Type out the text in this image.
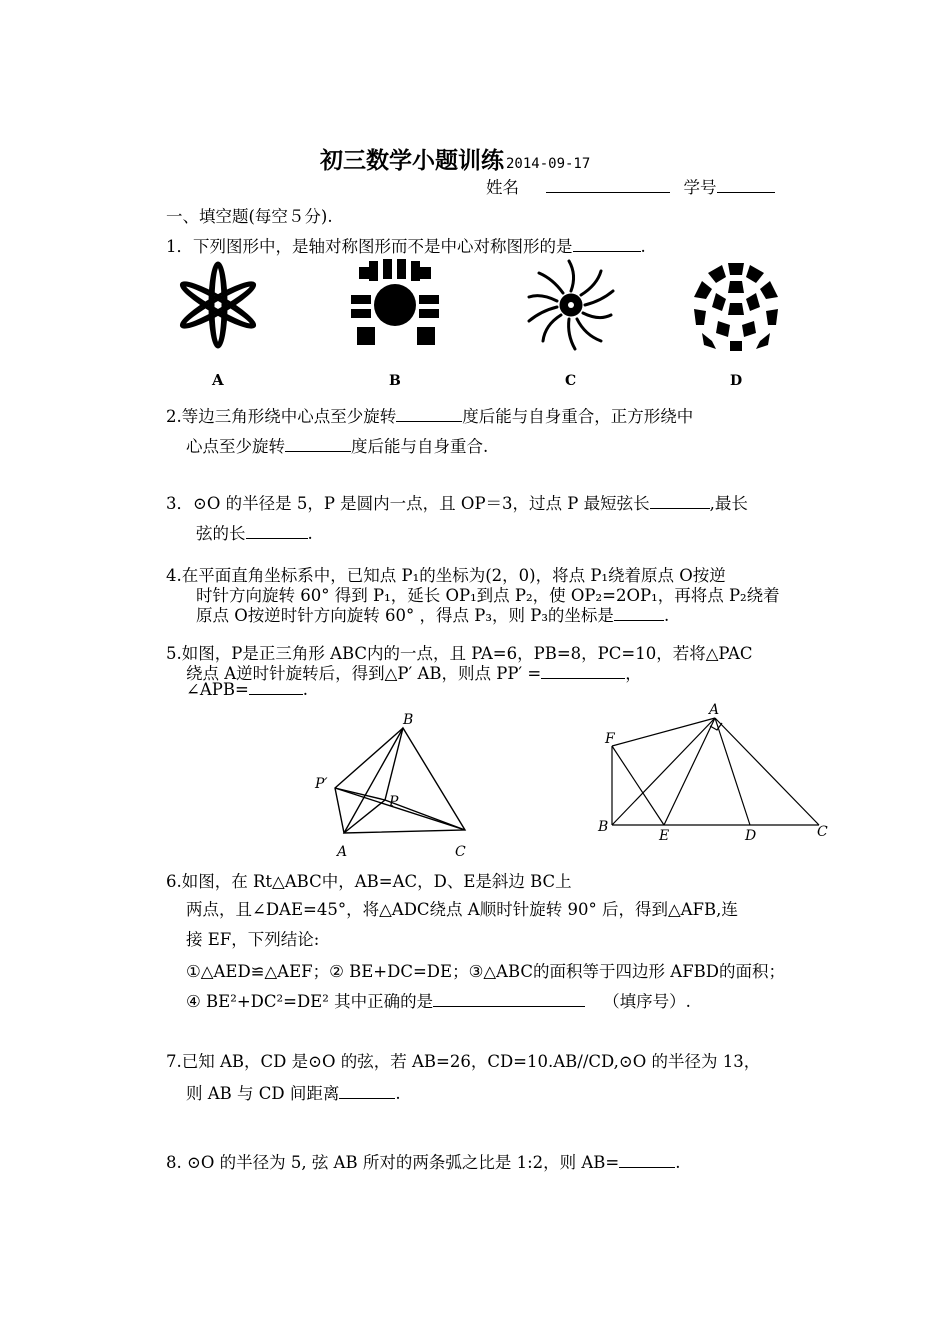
初三数学小题训练 2014-09-17
姓名	学号
一、填空题(每空５分).
1．下列图形中，是轴对称图形而不是中心对称图形的是	.
A	B	C	D
2.等边三角形绕中心点至少旋转	度后能与自身重合，正方形绕中
心点至少旋转	度后能与自身重合.
3．⊙O 的半径是 5，P 是圆内一点，且 OP＝3，过点 P 最短弦长	,最长
弦的长	.
4.在平面直角坐标系中，已知点 P₁的坐标为(2，0)，将点 P₁绕着原点 O按逆
时针方向旋转 60° 得到 P₁，延长 OP₁到点 P₂，使 OP₂=2OP₁，再将点 P₂绕着
原点 O按逆时针方向旋转 60° ，得点 P₃，则 P₃的坐标是	.
5.如图，P是正三角形 ABC内的一点，且 PA=6，PB=8，PC=10，若将△PAC
绕点 A逆时针旋转后，得到△P′ AB，则点 PP′ =	，
∠APB=	.
B
P′
P
A	C
A
F
B
E	D	C
6.如图，在 Rt△ABC中，AB=AC，D、E是斜边 BC上
两点，且∠DAE=45°，将△ADC绕点 A顺时针旋转 90° 后，得到△AFB,连
接 EF，下列结论:
①△AED≌△AEF；② BE+DC=DE；③△ABC的面积等于四边形 AFBD的面积；
④ BE²+DC²=DE² 其中正确的是	（填序号）.
7.已知 AB，CD 是⊙O 的弦，若 AB=26，CD=10.AB//CD,⊙O 的半径为 13，
则 AB 与 CD 间距离	.
8. ⊙O 的半径为 5, 弦 AB 所对的两条弧之比是 1:2，则 AB=	.
